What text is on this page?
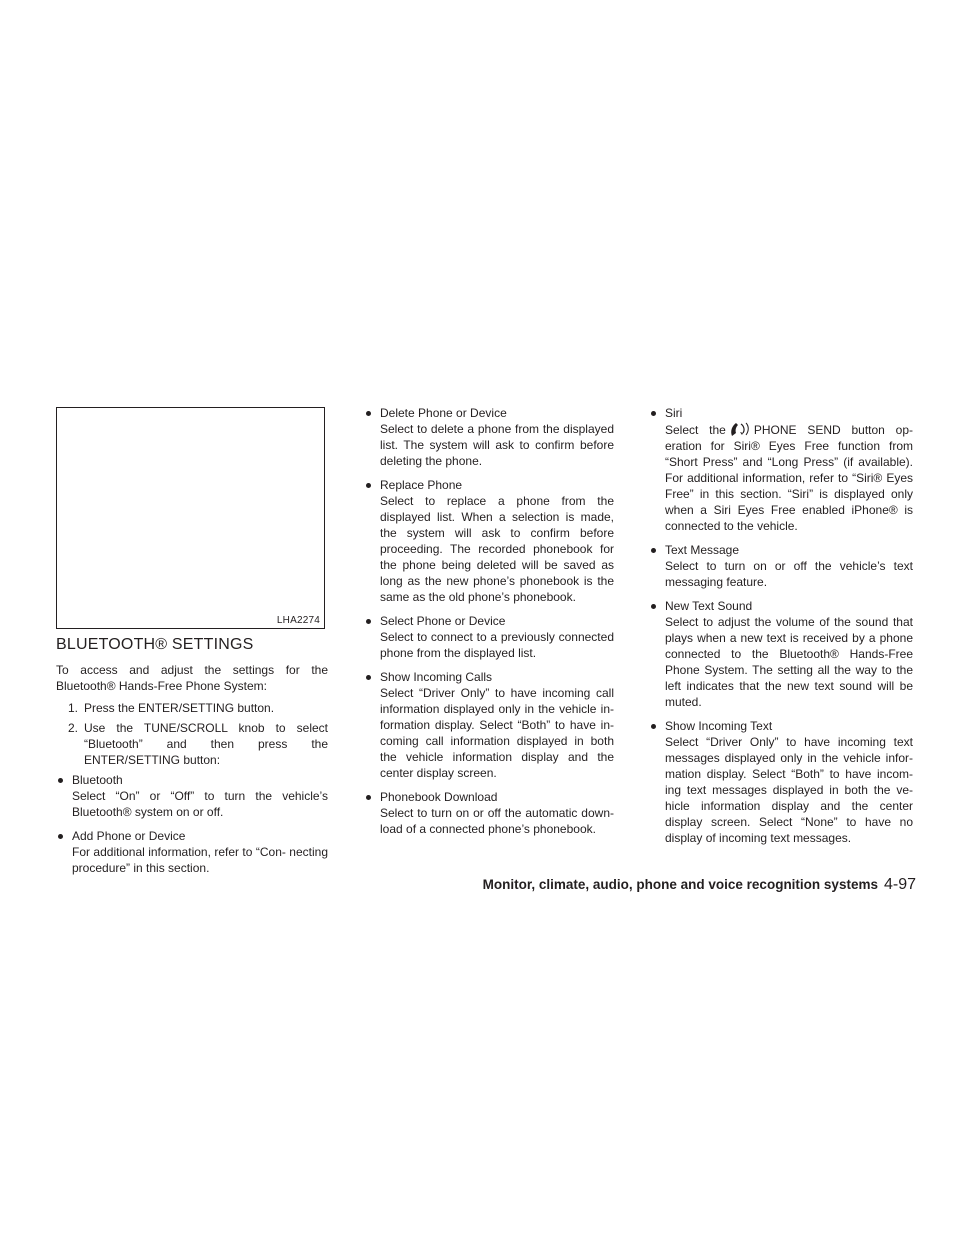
LHA2274
BLUETOOTH® SETTINGS

To access and adjust the settings for the Bluetooth® Hands-Free Phone System:

1. Press the ENTER/SETTING button.

2. Use the TUNE/SCROLL knob to select “Bluetooth” and then press the ENTER/SETTING button:

Bluetooth
Select “On” or “Off” to turn the vehicle’s Bluetooth® system on or off.
Add Phone or Device
For additional information, refer to “Con- necting procedure” in this section.
Delete Phone or Device
Select to delete a phone from the displayed list. The system will ask to confirm before deleting the phone.
Replace Phone
Select to replace a phone from the displayed list. When a selection is made, the system will ask to confirm before proceeding. The recorded phonebook for the phone being deleted will be saved as long as the new phone’s phonebook is the same as the old phone’s phonebook.
Select Phone or Device
Select to connect to a previously connected phone from the displayed list.
Show Incoming Calls
Select “Driver Only” to have incoming call information displayed only in the vehicle in- formation display. Select “Both” to have in- coming call information displayed in both the vehicle information display and the center display screen.
Phonebook Download
Select to turn on or off the automatic down- load of a connected phone’s phonebook.
Siri
Select the PHONE SEND button op- eration for Siri® Eyes Free function from “Short Press” and “Long Press” (if available). For additional information, refer to “Siri® Eyes Free” in this section. “Siri” is displayed only when a Siri Eyes Free enabled iPhone® is connected to the vehicle.
Text Message
Select to turn on or off the vehicle’s text messaging feature.
New Text Sound
Select to adjust the volume of the sound that plays when a new text is received by a phone connected to the Bluetooth® Hands-Free Phone System. The setting all the way to the left indicates that the new text sound will be muted.
Show Incoming Text
Select “Driver Only” to have incoming text messages displayed only in the vehicle infor- mation display. Select “Both” to have incom- ing text messages displayed in both the ve- hicle information display and the center display screen. Select “None” to have no display of incoming text messages.

Monitor, climate, audio, phone and voice recognition systems 4-97
